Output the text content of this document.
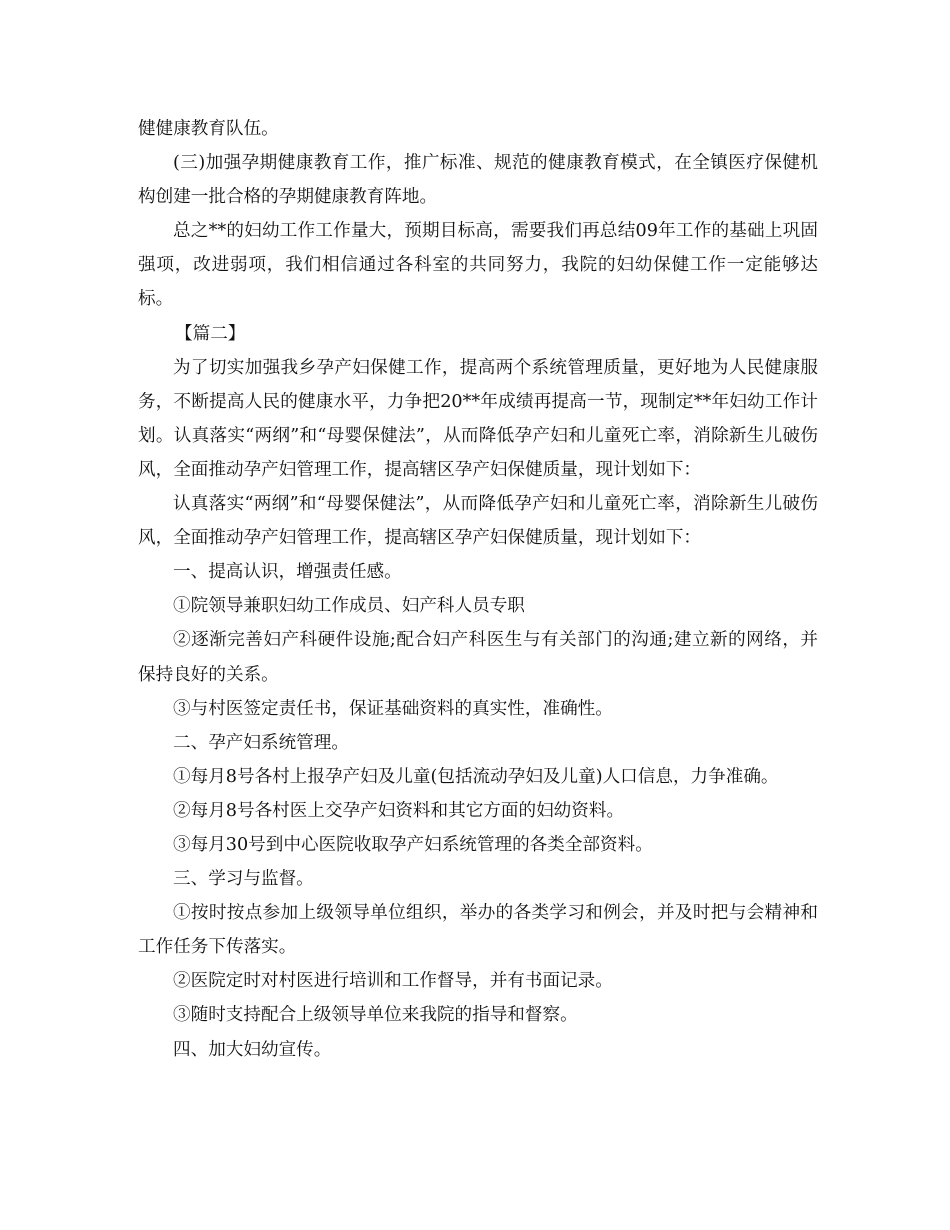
健健康教育队伍。

(三)加强孕期健康教育工作，推广标准、规范的健康教育模式，在全镇医疗保健机构创建一批合格的孕期健康教育阵地。

总之**的妇幼工作工作量大，预期目标高，需要我们再总结09年工作的基础上巩固强项，改进弱项，我们相信通过各科室的共同努力，我院的妇幼保健工作一定能够达标。

【篇二】

为了切实加强我乡孕产妇保健工作，提高两个系统管理质量，更好地为人民健康服务，不断提高人民的健康水平，力争把20**年成绩再提高一节，现制定**年妇幼工作计划。认真落实“两纲”和“母婴保健法”，从而降低孕产妇和儿童死亡率，消除新生儿破伤风，全面推动孕产妇管理工作，提高辖区孕产妇保健质量，现计划如下：

认真落实“两纲”和“母婴保健法”，从而降低孕产妇和儿童死亡率，消除新生儿破伤风，全面推动孕产妇管理工作，提高辖区孕产妇保健质量，现计划如下：

一、提高认识，增强责任感。

①院领导兼职妇幼工作成员、妇产科人员专职

②逐渐完善妇产科硬件设施;配合妇产科医生与有关部门的沟通;建立新的网络，并保持良好的关系。

③与村医签定责任书，保证基础资料的真实性，准确性。

二、孕产妇系统管理。

①每月8号各村上报孕产妇及儿童(包括流动孕妇及儿童)人口信息，力争准确。

②每月8号各村医上交孕产妇资料和其它方面的妇幼资料。

③每月30号到中心医院收取孕产妇系统管理的各类全部资料。

三、学习与监督。

①按时按点参加上级领导单位组织，举办的各类学习和例会，并及时把与会精神和工作任务下传落实。

②医院定时对村医进行培训和工作督导，并有书面记录。

③随时支持配合上级领导单位来我院的指导和督察。

四、加大妇幼宣传。
